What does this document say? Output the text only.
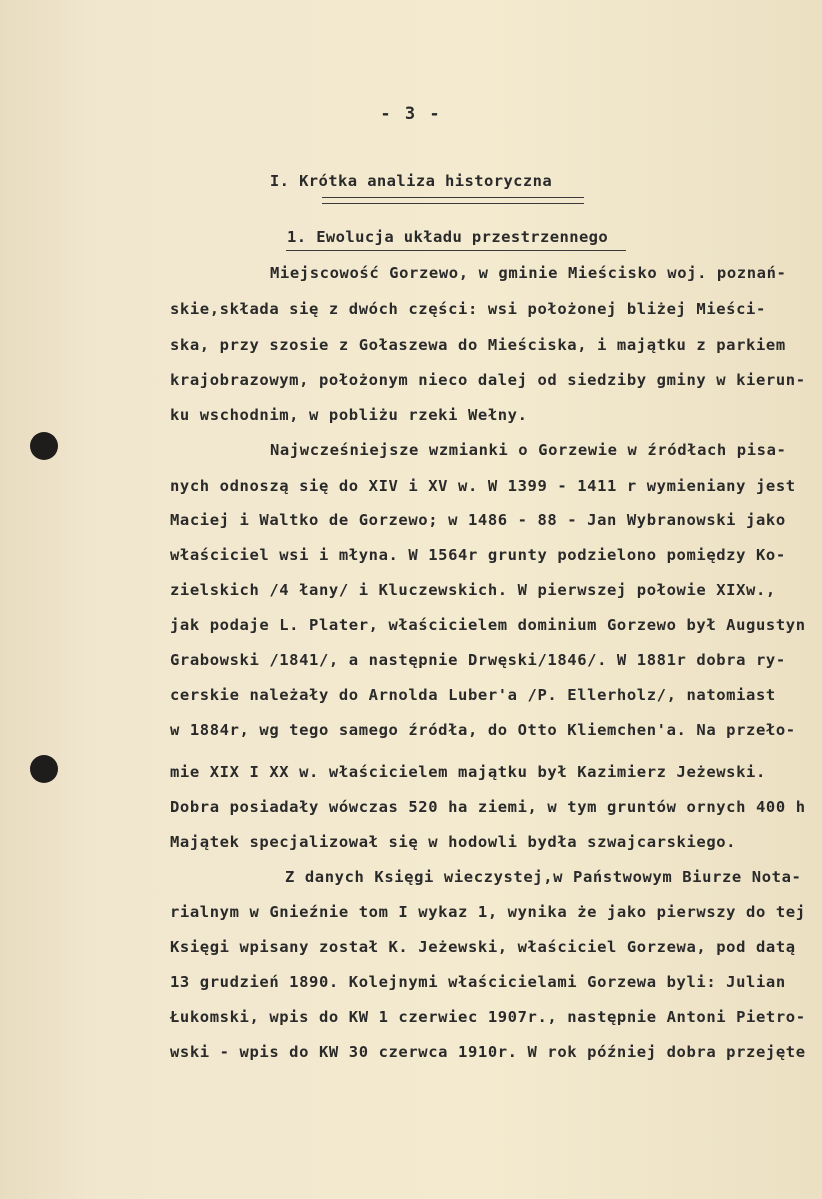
- 3 -
I. Krótka analiza historyczna
1. Ewolucja układu przestrzennego
Miejscowość Gorzewo, w gminie Mieścisko woj. poznań-
skie,składa się z dwóch części: wsi położonej bliżej Mieści-
ska, przy szosie z Gołaszewa do Mieściska, i majątku z parkiem
krajobrazowym, położonym nieco dalej od siedziby gminy w kierun-
ku wschodnim, w pobliżu rzeki Wełny.
Najwcześniejsze wzmianki o Gorzewie w źródłach pisa-
nych odnoszą się do XIV i XV w. W 1399 - 1411 r wymieniany jest
Maciej i Waltko de Gorzewo; w 1486 - 88 - Jan Wybranowski jako
właściciel wsi i młyna. W 1564r grunty podzielono pomiędzy Ko-
zielskich /4 łany/ i Kluczewskich. W pierwszej połowie XIXw.,
jak podaje L. Plater, właścicielem dominium Gorzewo był Augustyn
Grabowski /1841/, a następnie Drwęski/1846/. W 1881r dobra ry-
cerskie należały do Arnolda Luber'a /P. Ellerholz/, natomiast
w 1884r, wg tego samego źródła, do Otto Kliemchen'a. Na przeło-
mie XIX I XX w. właścicielem majątku był Kazimierz Jeżewski.
Dobra posiadały wówczas 520 ha ziemi, w tym gruntów ornych 400 h
Majątek specjalizował się w hodowli bydła szwajcarskiego.
Z danych Księgi wieczystej,w Państwowym Biurze Nota-
rialnym w Gnieźnie tom I wykaz 1, wynika że jako pierwszy do tej
Księgi wpisany został K. Jeżewski, właściciel Gorzewa, pod datą
13 grudzień 1890. Kolejnymi właścicielami Gorzewa byli: Julian
Łukomski, wpis do KW 1 czerwiec 1907r., następnie Antoni Pietro-
wski - wpis do KW 30 czerwca 1910r. W rok później dobra przejęte
